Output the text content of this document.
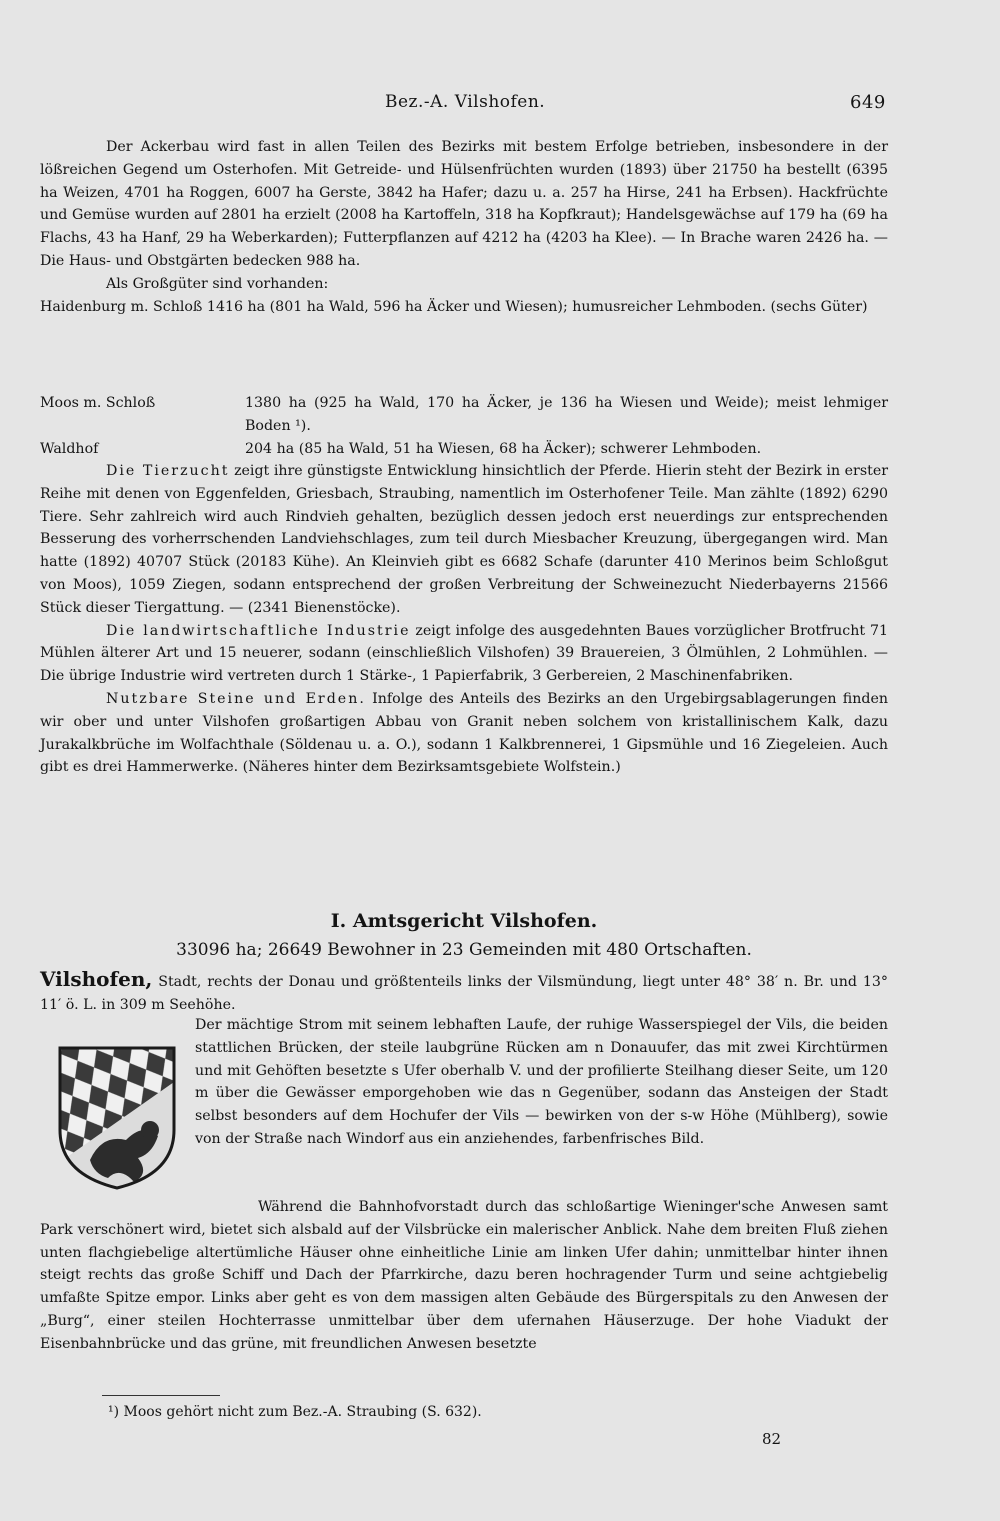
Bez.-A. Vilshofen.	649

Der Ackerbau wird fast in allen Teilen des Bezirks mit bestem Erfolge betrieben, insbesondere in der lößreichen Gegend um Osterhofen. Mit Getreide- und Hülsenfrüchten wurden (1893) über 21750 ha bestellt (6395 ha Weizen, 4701 ha Roggen, 6007 ha Gerste, 3842 ha Hafer; dazu u. a. 257 ha Hirse, 241 ha Erbsen). Hackfrüchte und Gemüse wurden auf 2801 ha erzielt (2008 ha Kartoffeln, 318 ha Kopfkraut); Handelsgewächse auf 179 ha (69 ha Flachs, 43 ha Hanf, 29 ha Weberkarden); Futterpflanzen auf 4212 ha (4203 ha Klee). — In Brache waren 2426 ha. — Die Haus- und Obstgärten bedecken 988 ha.

Als Großgüter sind vorhanden:

Haidenburg m. Schloß 1416 ha (801 ha Wald, 596 ha Äcker und Wiesen); humusreicher Lehmboden. (sechs Güter)

Moos m. Schloß	1380 ha (925 ha Wald, 170 ha Äcker, je 136 ha Wiesen und Weide); meist lehmiger Boden ¹).
Waldhof	204 ha (85 ha Wald, 51 ha Wiesen, 68 ha Äcker); schwerer Lehmboden.

Die Tierzucht zeigt ihre günstigste Entwicklung hinsichtlich der Pferde. Hierin steht der Bezirk in erster Reihe mit denen von Eggenfelden, Griesbach, Straubing, namentlich im Osterhofener Teile. Man zählte (1892) 6290 Tiere. Sehr zahlreich wird auch Rindvieh gehalten, bezüglich dessen jedoch erst neuerdings zur entsprechenden Besserung des vorherrschenden Landviehschlages, zum teil durch Miesbacher Kreuzung, übergegangen wird. Man hatte (1892) 40707 Stück (20183 Kühe). An Kleinvieh gibt es 6682 Schafe (darunter 410 Merinos beim Schloßgut von Moos), 1059 Ziegen, sodann entsprechend der großen Verbreitung der Schweinezucht Niederbayerns 21566 Stück dieser Tiergattung. — (2341 Bienenstöcke).

Die landwirtschaftliche Industrie zeigt infolge des ausgedehnten Baues vorzüglicher Brotfrucht 71 Mühlen älterer Art und 15 neuerer, sodann (einschließlich Vilshofen) 39 Brauereien, 3 Ölmühlen, 2 Lohmühlen. — Die übrige Industrie wird vertreten durch 1 Stärke-, 1 Papierfabrik, 3 Gerbereien, 2 Maschinenfabriken.

Nutzbare Steine und Erden. Infolge des Anteils des Bezirks an den Urgebirgsablagerungen finden wir ober und unter Vilshofen großartigen Abbau von Granit neben solchem von kristallinischem Kalk, dazu Jurakalkbrüche im Wolfachthale (Söldenau u. a. O.), sodann 1 Kalkbrennerei, 1 Gipsmühle und 16 Ziegeleien. Auch gibt es drei Hammerwerke. (Näheres hinter dem Bezirksamtsgebiete Wolfstein.)

I. Amtsgericht Vilshofen.
33096 ha; 26649 Bewohner in 23 Gemeinden mit 480 Ortschaften.
Vilshofen, Stadt, rechts der Donau und größtenteils links der Vilsmündung, liegt unter 48° 38′ n. Br. und 13° 11′ ö. L. in 309 m Seehöhe.
Der mächtige Strom mit seinem lebhaften Laufe, der ruhige Wasserspiegel der Vils, die beiden stattlichen Brücken, der steile laubgrüne Rücken am n Donauufer, das mit zwei Kirchtürmen und mit Gehöften besetzte s Ufer oberhalb V. und der profilierte Steilhang dieser Seite, um 120 m über die Gewässer emporgehoben wie das n Gegenüber, sodann das Ansteigen der Stadt selbst besonders auf dem Hochufer der Vils — bewirken von der s-w Höhe (Mühlberg), sowie von der Straße nach Windorf aus ein anziehendes, farbenfrisches Bild.

Während die Bahnhofvorstadt durch das schloßartige Wieninger'sche Anwesen samt Park verschönert wird, bietet sich alsbald auf der Vilsbrücke ein malerischer Anblick. Nahe dem breiten Fluß ziehen unten flachgiebelige altertümliche Häuser ohne einheitliche Linie am linken Ufer dahin; unmittelbar hinter ihnen steigt rechts das große Schiff und Dach der Pfarrkirche, dazu beren hochragender Turm und seine achtgiebelig umfaßte Spitze empor. Links aber geht es von dem massigen alten Gebäude des Bürgerspitals zu den Anwesen der „Burg“, einer steilen Hochterrasse unmittelbar über dem ufernahen Häuserzuge. Der hohe Viadukt der Eisenbahnbrücke und das grüne, mit freundlichen Anwesen besetzte

¹) Moos gehört nicht zum Bez.-A. Straubing (S. 632).
82
